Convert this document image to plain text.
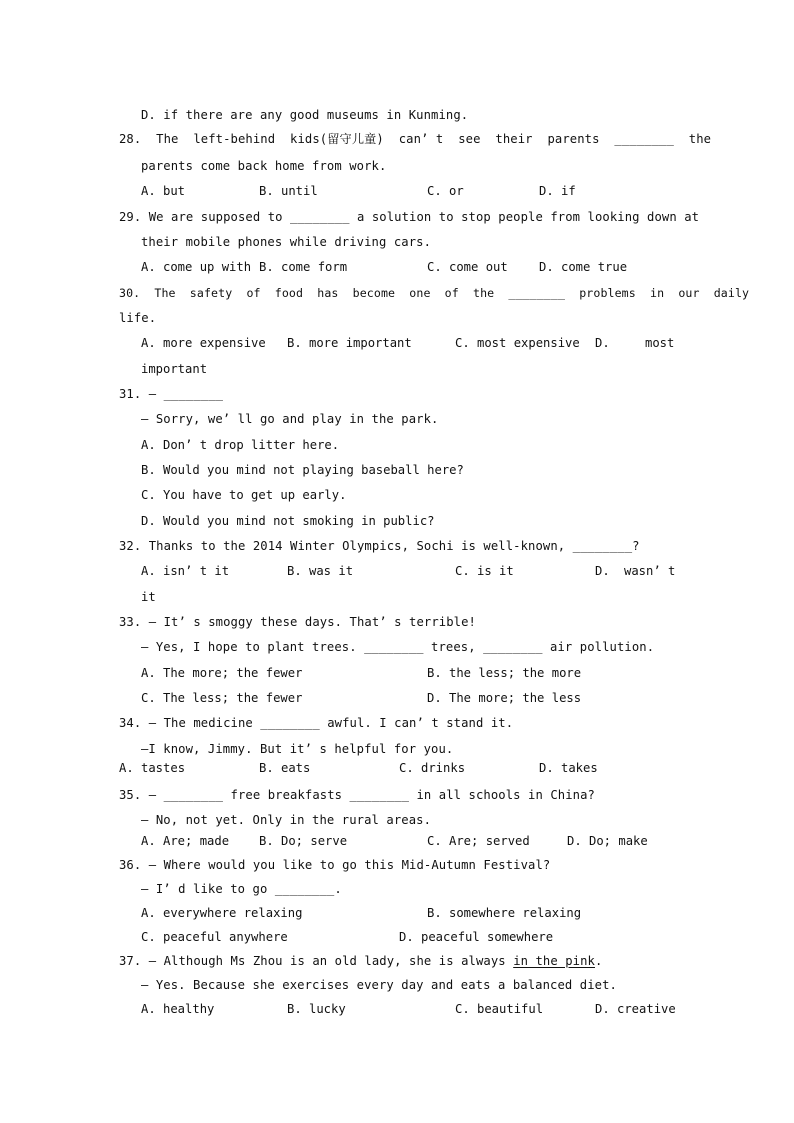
D. if there are any good museums in Kunming.
28.  The  left-behind  kids(留守儿童)  can’ t  see  their  parents  ________  the
parents come back home from work.
A. but	B. until	C. or	D. if
29. We are supposed to ________ a solution to stop people from looking down at
their mobile phones while driving cars.
A. come up with B. come form	C. come out	D. come true
30.  The  safety  of  food  has  become  one  of  the  ________  problems  in  our  daily
life.
A. more expensive B. more important	C. most expensive D.	most
important
31. — ________
— Sorry, we’ ll go and play in the park.
A. Don’ t drop litter here.
B. Would you mind not playing baseball here?
C. You have to get up early.
D. Would you mind not smoking in public?
32. Thanks to the 2014 Winter Olympics, Sochi is well-known, ________?
A. isn’ t it	B. was it	C. is it	D. wasn’ t
it
33. — It’ s smoggy these days. That’ s terrible!
— Yes, I hope to plant trees. ________ trees, ________ air pollution.
A. The more; the fewer	B. the less; the more
C. The less; the fewer	D. The more; the less
34. — The medicine ________ awful. I can’ t stand it.
—I know, Jimmy. But it’ s helpful for you.
A. tastes	B. eats	C. drinks	D. takes
35. — ________ free breakfasts ________ in all schools in China?
— No, not yet. Only in the rural areas.
A. Are; made B. Do; serve	C. Are; served	D. Do; make
36. — Where would you like to go this Mid-Autumn Festival?
— I’ d like to go ________.
A. everywhere relaxing	B. somewhere relaxing
C. peaceful anywhere	D. peaceful somewhere
37. — Although Ms Zhou is an old lady, she is always in the pink.
— Yes. Because she exercises every day and eats a balanced diet.
A. healthy	B. lucky	C. beautiful	D. creative
